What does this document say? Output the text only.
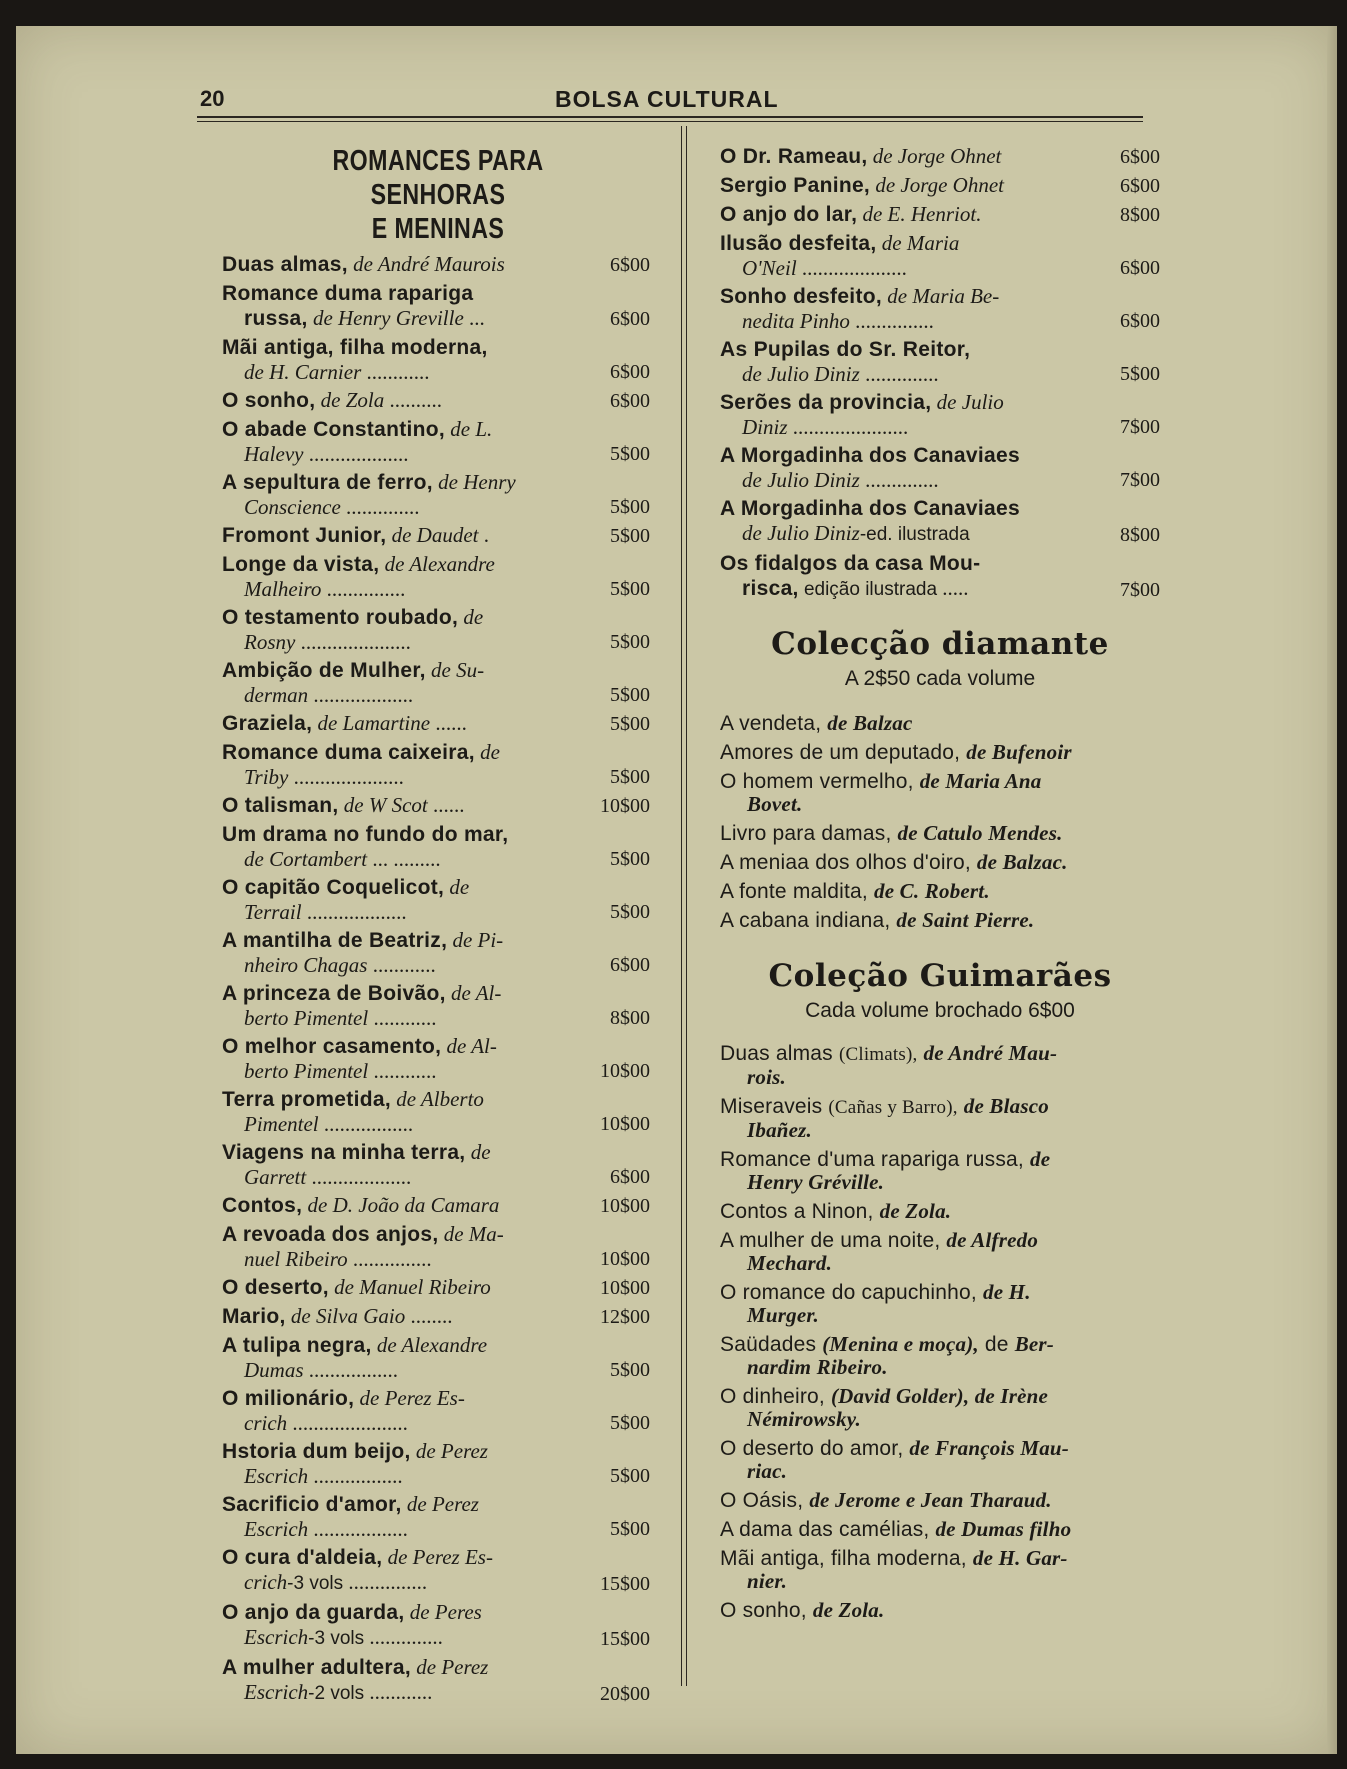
20	BOLSA CULTURAL
ROMANCES PARA SENHORAS
E MENINAS
Duas almas, de André Maurois	6$00
Romance duma rapariga
russa, de Henry Greville ...	6$00
Mãi antiga, filha moderna,
de H. Carnier ............	6$00
O sonho, de Zola ..........	6$00
O abade Constantino, de L.
Halevy ...................	5$00
A sepultura de ferro, de Henry
Conscience ..............	5$00
Fromont Junior, de Daudet .	5$00
Longe da vista, de Alexandre
Malheiro ...............	5$00
O testamento roubado, de
Rosny .....................	5$00
Ambição de Mulher, de Su-
derman ...................	5$00
Graziela, de Lamartine ......	5$00
Romance duma caixeira, de
Triby .....................	5$00
O talisman, de W Scot ......	10$00
Um drama no fundo do mar,
de Cortambert ... .........	5$00
O capitão Coquelicot, de
Terrail ...................	5$00
A mantilha de Beatriz, de Pi-
nheiro Chagas ............	6$00
A princeza de Boivão, de Al-
berto Pimentel ............	8$00
O melhor casamento, de Al-
berto Pimentel ............	10$00
Terra prometida, de Alberto
Pimentel .................	10$00
Viagens na minha terra, de
Garrett ...................	6$00
Contos, de D. João da Camara	10$00
A revoada dos anjos, de Ma-
nuel Ribeiro ...............	10$00
O deserto, de Manuel Ribeiro	10$00
Mario, de Silva Gaio ........	12$00
A tulipa negra, de Alexandre
Dumas .................	5$00
O milionário, de Perez Es-
crich ......................	5$00
Hstoria dum beijo, de Perez
Escrich .................	5$00
Sacrificio d'amor, de Perez
Escrich ..................	5$00
O cura d'aldeia, de Perez Es-
crich-3 vols ...............	15$00
O anjo da guarda, de Peres
Escrich-3 vols ..............	15$00
A mulher adultera, de Perez
Escrich-2 vols ............	20$00
O Dr. Rameau, de Jorge Ohnet	6$00
Sergio Panine, de Jorge Ohnet	6$00
O anjo do lar, de E. Henriot.	8$00
Ilusão desfeita, de Maria
O'Neil ....................	6$00
Sonho desfeito, de Maria Be-
nedita Pinho ...............	6$00
As Pupilas do Sr. Reitor,
de Julio Diniz ..............	5$00
Serões da provincia, de Julio
Diniz ......................	7$00
A Morgadinha dos Canaviaes
de Julio Diniz ..............	7$00
A Morgadinha dos Canaviaes
de Julio Diniz-ed. ilustrada	8$00
Os fidalgos da casa Mou-
risca, edição ilustrada .....	7$00
Colecção diamante
A 2$50 cada volume
A vendeta, de Balzac
Amores de um deputado, de Bufenoir
O homem vermelho, de Maria Ana
Bovet.
Livro para damas, de Catulo Mendes.
A meniaa dos olhos d'oiro, de Balzac.
A fonte maldita, de C. Robert.
A cabana indiana, de Saint Pierre.
Coleção Guimarães
Cada volume brochado 6$00
Duas almas (Climats), de André Mau-
rois.
Miseraveis (Cañas y Barro), de Blasco
Ibañez.
Romance d'uma rapariga russa, de
Henry Gréville.
Contos a Ninon, de Zola.
A mulher de uma noite, de Alfredo
Mechard.
O romance do capuchinho, de H.
Murger.
Saüdades (Menina e moça), de Ber-
nardim Ribeiro.
O dinheiro, (David Golder), de Irène
Némirowsky.
O deserto do amor, de François Mau-
riac.
O Oásis, de Jerome e Jean Tharaud.
A dama das camélias, de Dumas filho
Mãi antiga, filha moderna, de H. Gar-
nier.
O sonho, de Zola.
